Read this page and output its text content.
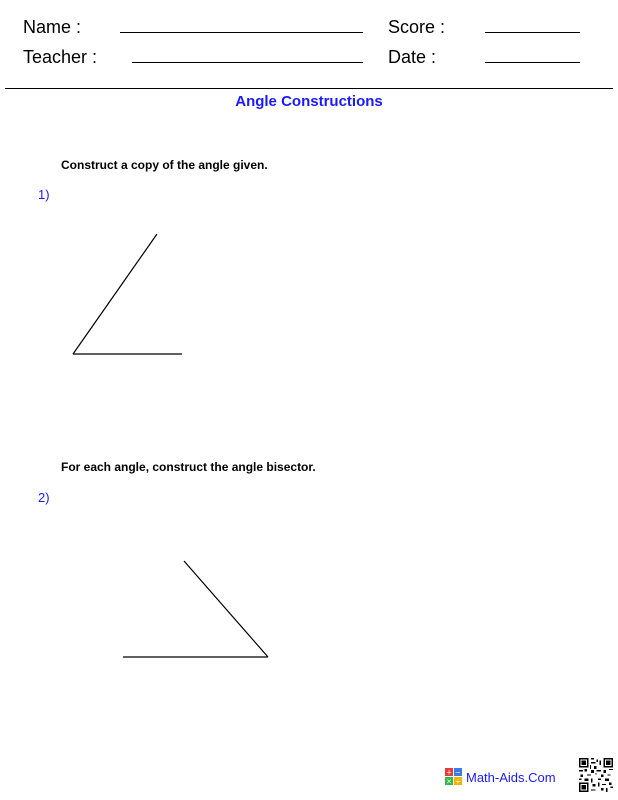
Name :	Score :
Teacher :	Date :
Angle Constructions
Construct a copy of the angle given.
1)
For each angle, construct the angle bisector.
2)
+ −
× ÷ Math-Aids.Com
